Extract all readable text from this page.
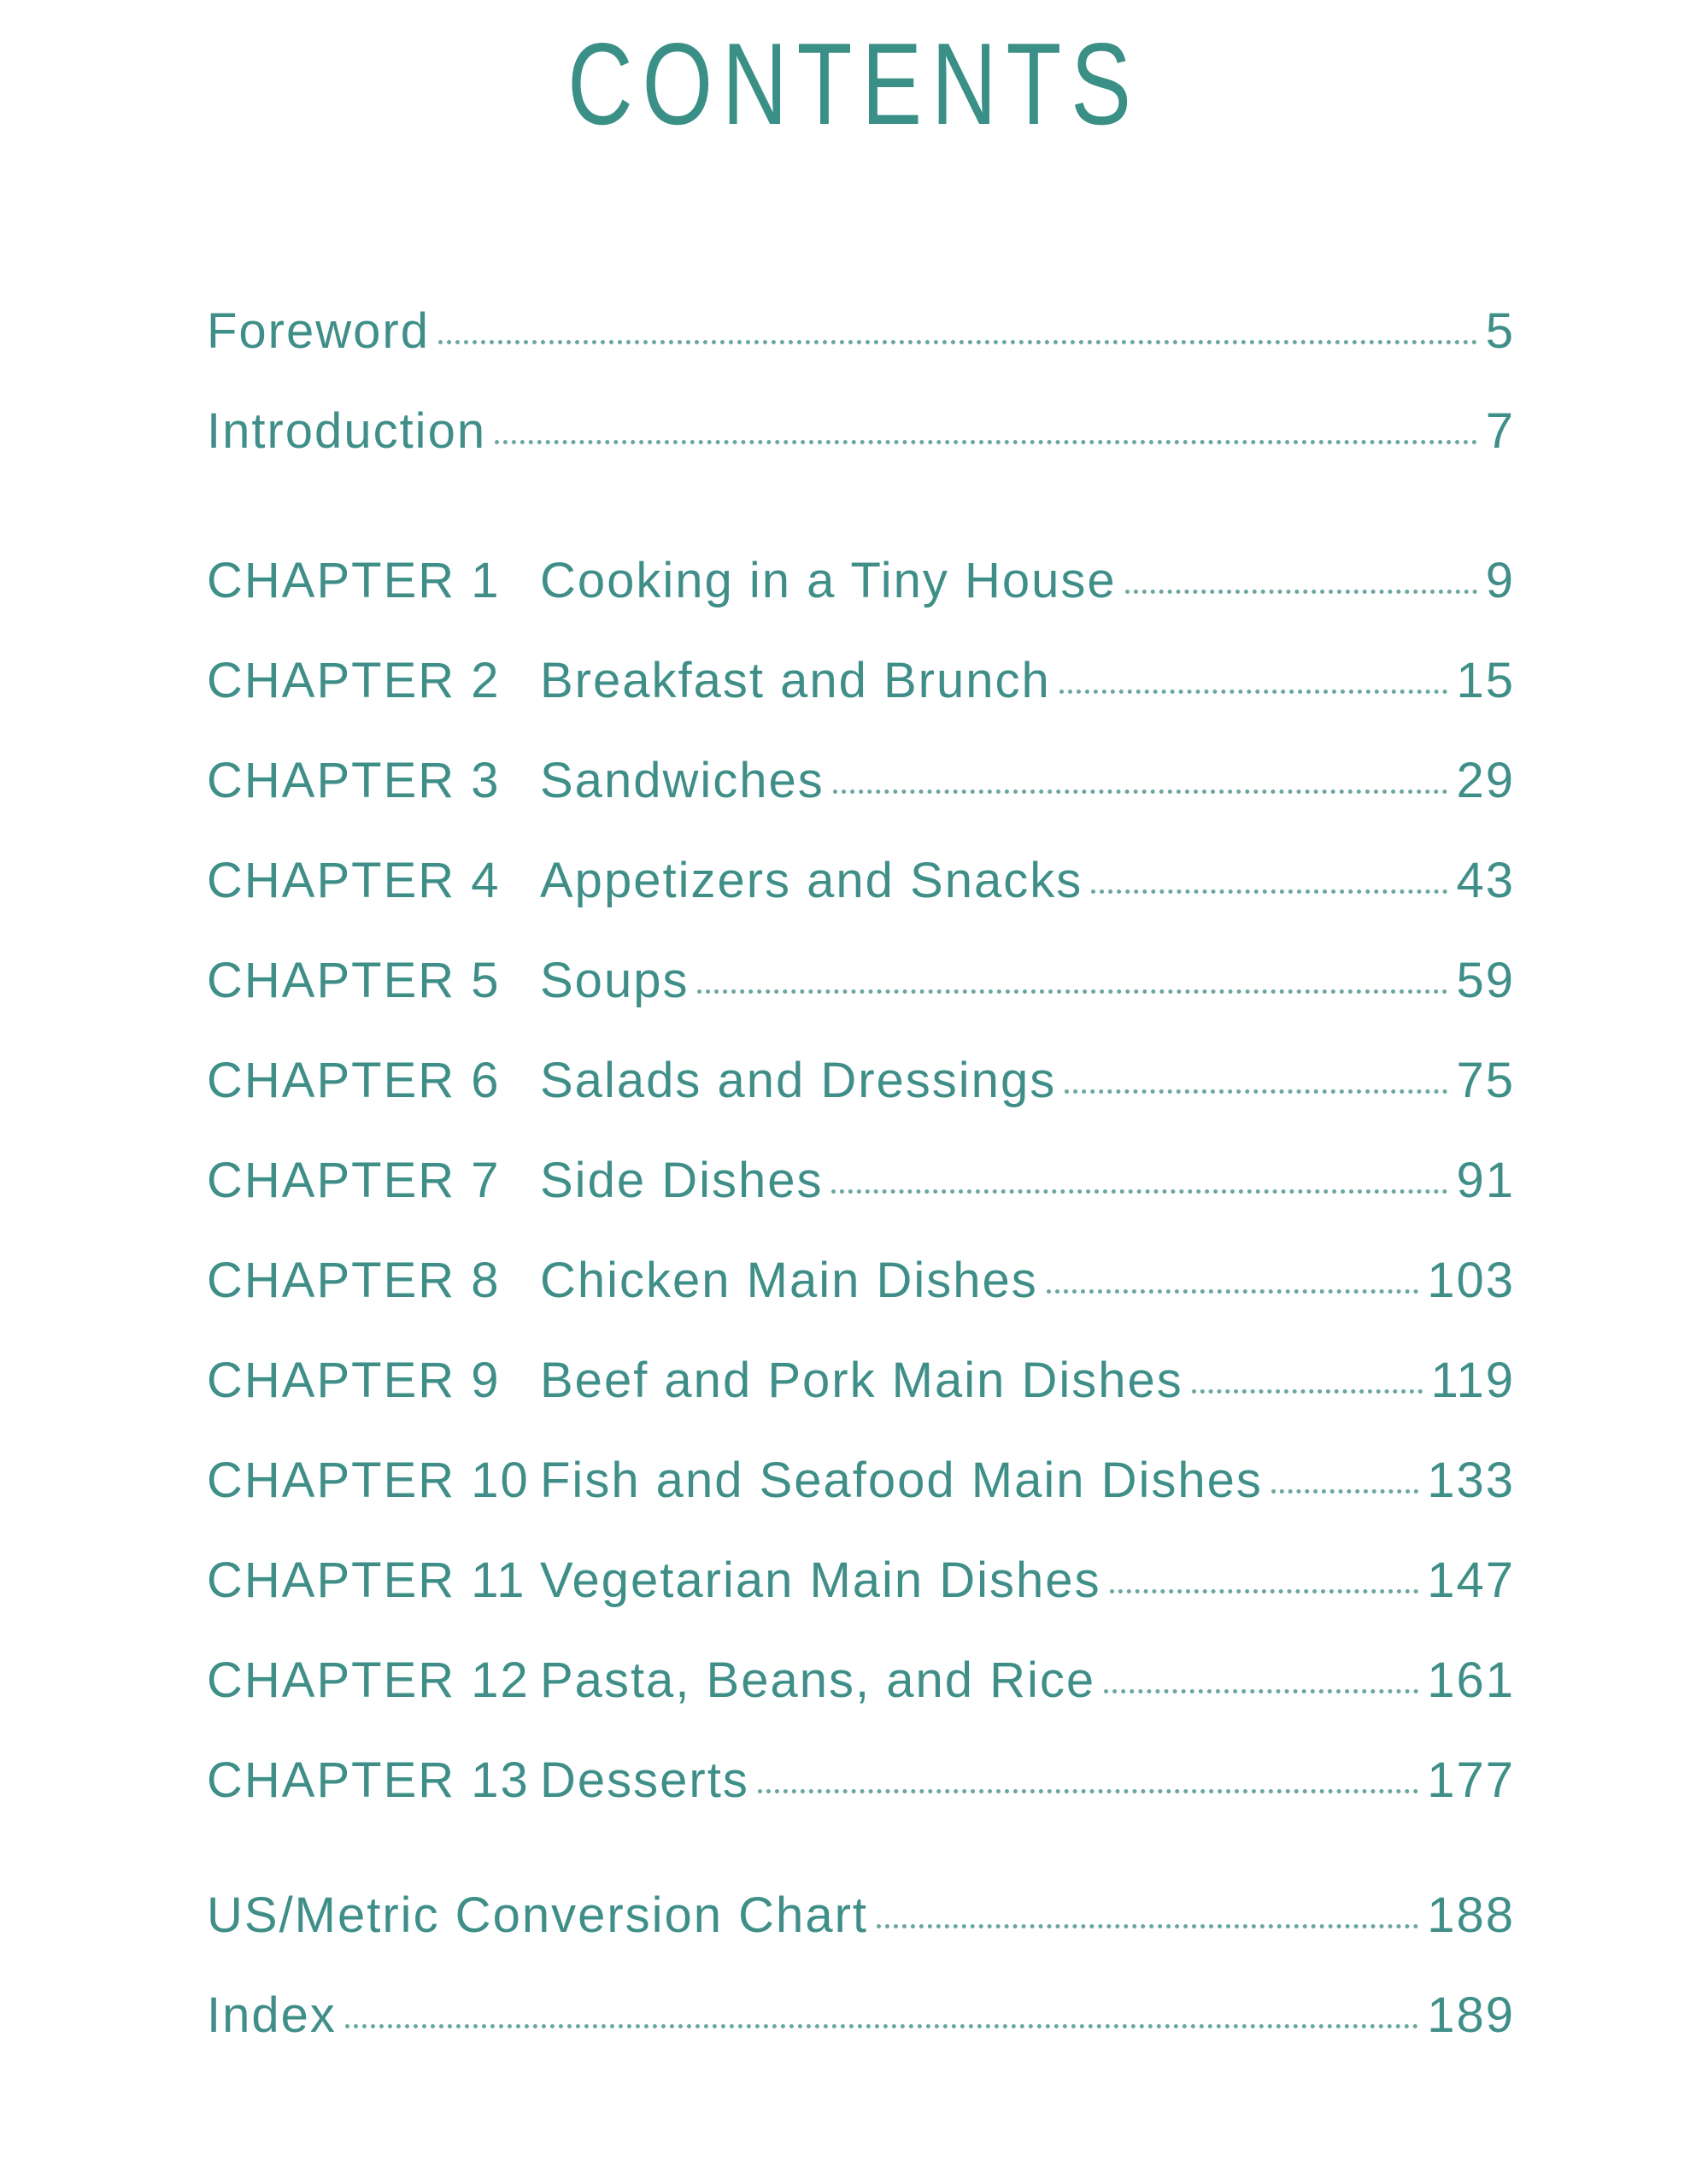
CONTENTS
Foreword	5
Introduction	7
CHAPTER 1 Cooking in a Tiny House	9
CHAPTER 2 Breakfast and Brunch	15
CHAPTER 3 Sandwiches	29
CHAPTER 4 Appetizers and Snacks	43
CHAPTER 5 Soups	59
CHAPTER 6 Salads and Dressings	75
CHAPTER 7 Side Dishes	91
CHAPTER 8 Chicken Main Dishes	103
CHAPTER 9 Beef and Pork Main Dishes	119
CHAPTER 10 Fish and Seafood Main Dishes	133
CHAPTER 11 Vegetarian Main Dishes	147
CHAPTER 12 Pasta, Beans, and Rice	161
CHAPTER 13 Desserts	177
US/Metric Conversion Chart	188
Index	189
